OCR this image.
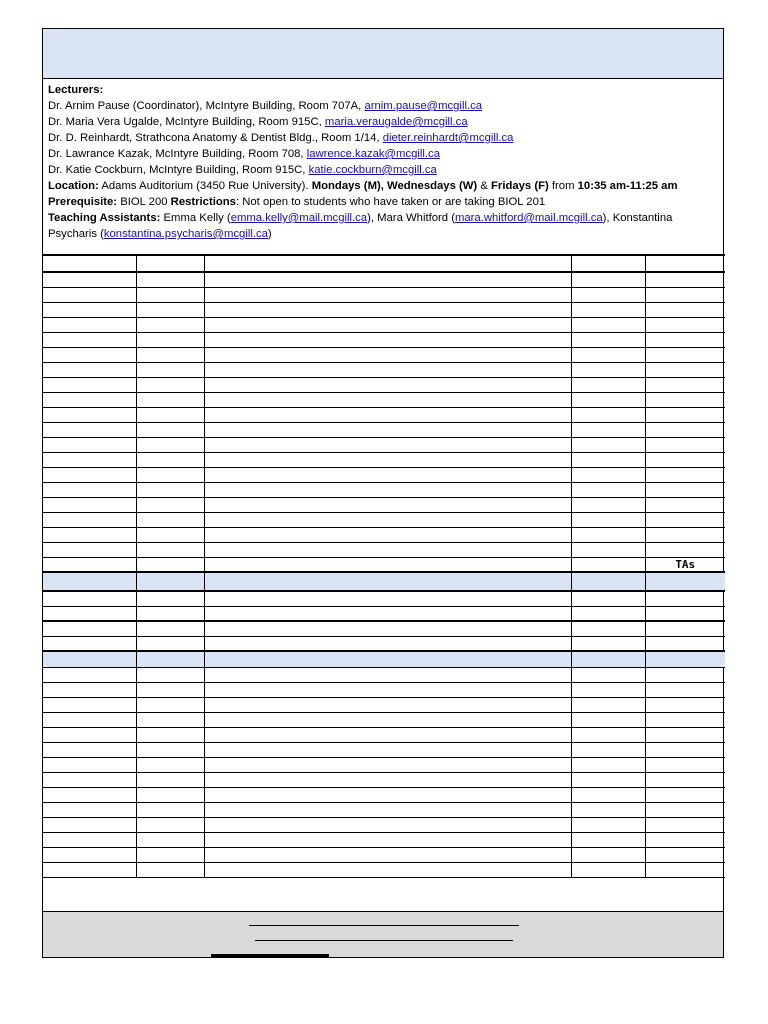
Lecturers:
Dr. Arnim Pause (Coordinator), McIntyre Building, Room 707A, arnim.pause@mcgill.ca
Dr. Maria Vera Ugalde, McIntyre Building, Room 915C, maria.veraugalde@mcgill.ca
Dr. D. Reinhardt, Strathcona Anatomy & Dentist Bldg., Room 1/14, dieter.reinhardt@mcgill.ca
Dr. Lawrance Kazak, McIntyre Building, Room 708, lawrence.kazak@mcgill.ca
Dr. Katie Cockburn, McIntyre Building, Room 915C, katie.cockburn@mcgill.ca
Location: Adams Auditorium (3450 Rue University). Mondays (M), Wednesdays (W) & Fridays (F) from 10:35 am-11:25 am
Prerequisite: BIOL 200 Restrictions: Not open to students who have taken or are taking BIOL 201
Teaching Assistants: Emma Kelly (emma.kelly@mail.mcgill.ca), Mara Whitford (mara.whitford@mail.mcgill.ca), Konstantina Psycharis (konstantina.psycharis@mcgill.ca)

				TAs
